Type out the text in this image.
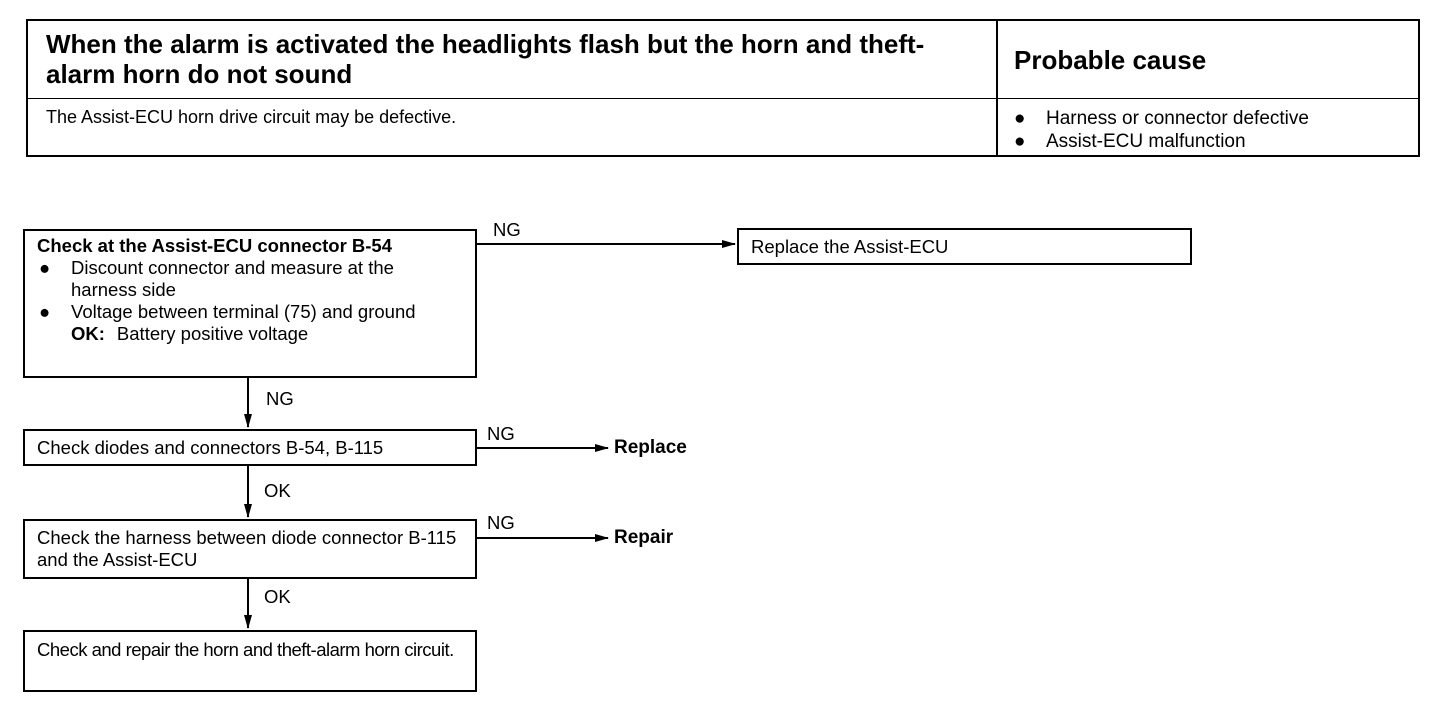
When the alarm is activated the headlights flash but the horn and theft-alarm horn do not sound	Probable cause
The Assist-ECU horn drive circuit may be defective.	● Harness or connector defective
● Assist-ECU malfunction
Check at the Assist-ECU connector B-54
● Discount connector and measure at the harness side
● Voltage between terminal (75) and ground
OK: Battery positive voltage
NG
Replace the Assist-ECU
NG
Check diodes and connectors B-54, B-115
NG
Replace
OK
Check the harness between diode connector B-115 and the Assist-ECU
NG
Repair
OK
Check and repair the horn and theft-alarm horn circuit.
